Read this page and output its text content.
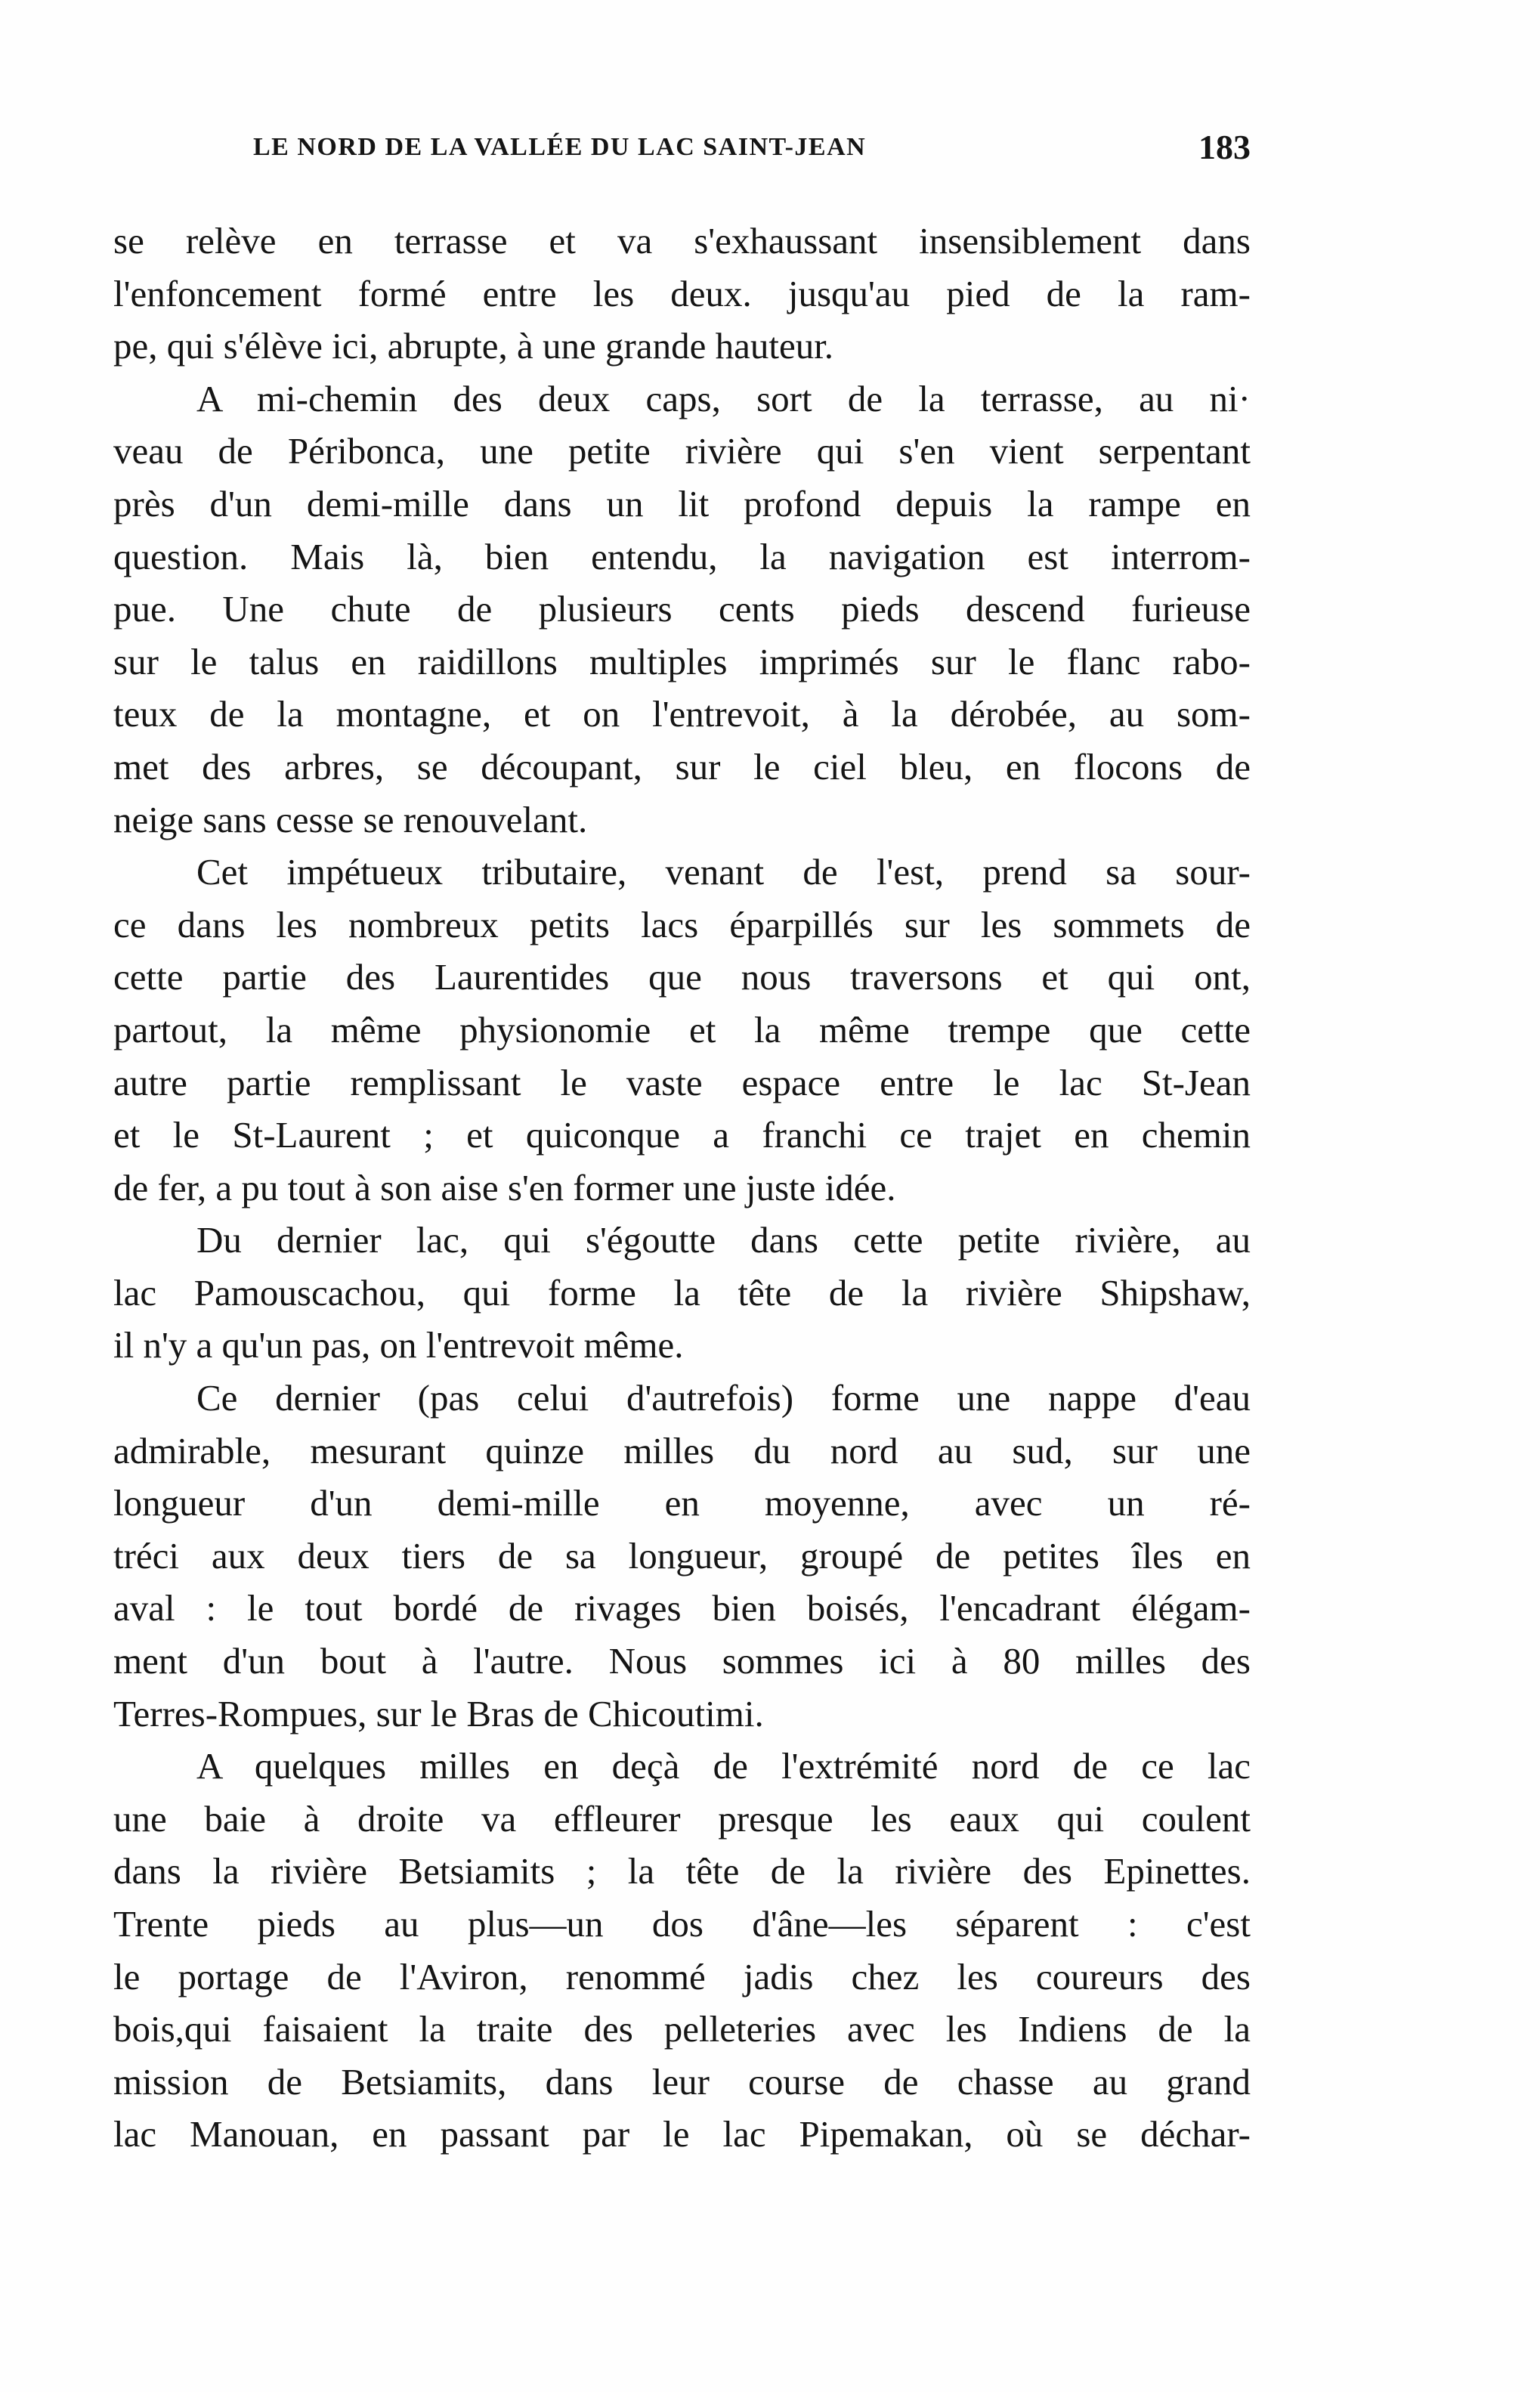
LE NORD DE LA VALLÉE DU LAC SAINT-JEAN	183
se relève en terrasse et va s'exhaussant insensiblement dans
l'enfoncement formé entre les deux. jusqu'au pied de la ram-
pe, qui s'élève ici, abrupte, à une grande hauteur.
A mi-chemin des deux caps, sort de la terrasse, au ni·
veau de Péribonca, une petite rivière qui s'en vient serpentant
près d'un demi-mille dans un lit profond depuis la rampe en
question. Mais là, bien entendu, la navigation est interrom-
pue. Une chute de plusieurs cents pieds descend furieuse
sur le talus en raidillons multiples imprimés sur le flanc rabo-
teux de la montagne, et on l'entrevoit, à la dérobée, au som-
met des arbres, se découpant, sur le ciel bleu, en flocons de
neige sans cesse se renouvelant.
Cet impétueux tributaire, venant de l'est, prend sa sour-
ce dans les nombreux petits lacs éparpillés sur les sommets de
cette partie des Laurentides que nous traversons et qui ont,
partout, la même physionomie et la même trempe que cette
autre partie remplissant le vaste espace entre le lac St-Jean
et le St-Laurent ; et quiconque a franchi ce trajet en chemin
de fer, a pu tout à son aise s'en former une juste idée.
Du dernier lac, qui s'égoutte dans cette petite rivière, au
lac Pamouscachou, qui forme la tête de la rivière Shipshaw,
il n'y a qu'un pas, on l'entrevoit même.
Ce dernier (pas celui d'autrefois) forme une nappe d'eau
admirable, mesurant quinze milles du nord au sud, sur une
longueur d'un demi-mille en moyenne, avec un ré-
tréci aux deux tiers de sa longueur, groupé de petites îles en
aval : le tout bordé de rivages bien boisés, l'encadrant élégam-
ment d'un bout à l'autre. Nous sommes ici à 80 milles des
Terres-Rompues, sur le Bras de Chicoutimi.
A quelques milles en deçà de l'extrémité nord de ce lac
une baie à droite va effleurer presque les eaux qui coulent
dans la rivière Betsiamits ; la tête de la rivière des Epinettes.
Trente pieds au plus—un dos d'âne—les séparent : c'est
le portage de l'Aviron, renommé jadis chez les coureurs des
bois,qui faisaient la traite des pelleteries avec les Indiens de la
mission de Betsiamits, dans leur course de chasse au grand
lac Manouan, en passant par le lac Pipemakan, où se déchar-
